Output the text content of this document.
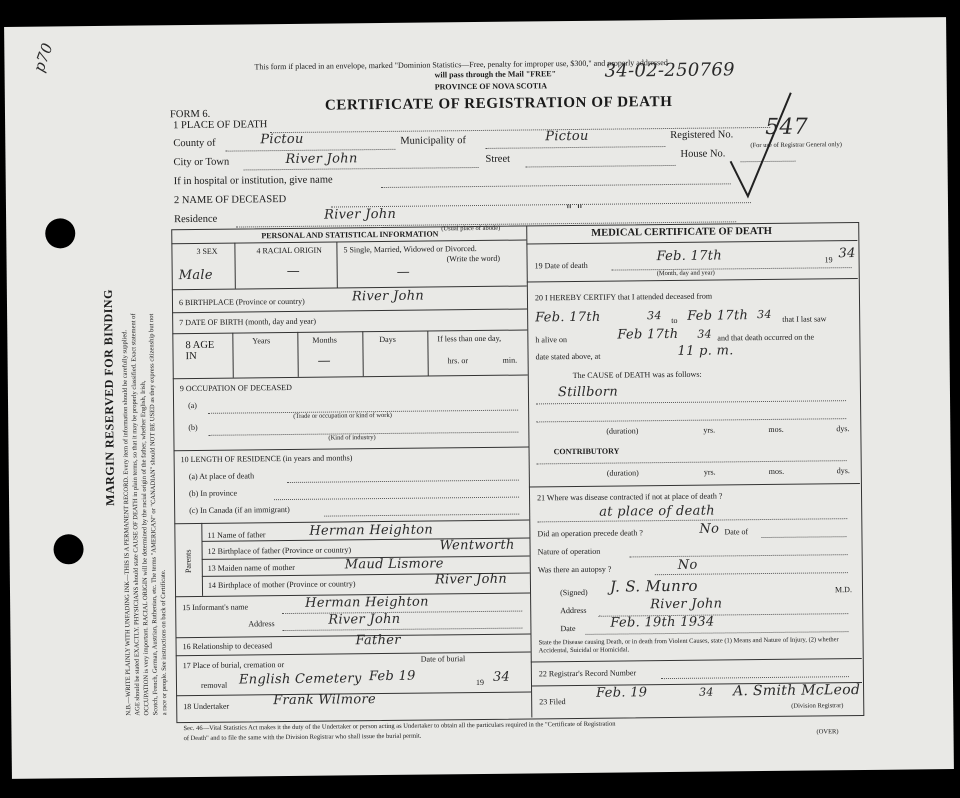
p70
MARGIN RESERVED FOR BINDING N.B.—WRITE PLAINLY WITH UNFADING INK—THIS IS A PERMANENT RECORD. Every item of information should be carefully supplied.
AGE should be stated EXACTLY. PHYSICIANS should state CAUSE OF DEATH in plain terms, so that it may be properly classified. Exact statement of
OCCUPATION is very important. RACIAL ORIGIN will be determined by the racial origin of the father, whether English, Irish,
Scotch, French, German, Austrian, Ruthenian, etc. The terms "AMERICAN" or "CANADIAN" should NOT BE USED as they express citizenship but not a race or people. See instructions on back of Certificate.
This form if placed in an envelope, marked "Dominion Statistics—Free, penalty for improper use, $300," and properly addressed
will pass through the Mail "FREE"	34-02-250769
PROVINCE OF NOVA SCOTIA
FORM 6.
CERTIFICATE OF REGISTRATION OF DEATH
1 PLACE OF DEATH
County of	Pictou	Municipality of	Pictou	Registered No. 547
(For use of Registrar General only)
City or Town	River John	Street	House No.
If in hospital or institution, give name
2 NAME OF DECEASED
Residence	River John	" "
(Usual place of abode)
PERSONAL AND STATISTICAL INFORMATION
3 SEX
Male
4 RACIAL ORIGIN
—
5 Single, Married, Widowed or Divorced.
(Write the word)
—
6 BIRTHPLACE (Province or country)	River John
7 DATE OF BIRTH (month, day and year)
8 AGE IN
Years	Months
—
Days	If less than one day,
hrs. or	min.
9 OCCUPATION OF DECEASED
(a)
(Trade or occupation or kind of work)
(b)
(Kind of industry)
10 LENGTH OF RESIDENCE (in years and months)
(a) At place of death
(b) In province
(c) In Canada (if an immigrant)
Parents
11 Name of father	Herman Heighton
12 Birthplace of father (Province or country)	Wentworth
13 Maiden name of mother	Maud Lismore
14 Birthplace of mother (Province or country)	River John
15 Informant's name	Herman Heighton
Address	River John
16 Relationship to deceased	Father
17 Place of burial, cremation or
Date of burial
removal English Cemetery Feb 19	19 34
18 Undertaker	Frank Wilmore
MEDICAL CERTIFICATE OF DEATH
19 Date of death
Feb. 17th	19 34
(Month, day and year)
20 I HEREBY CERTIFY that I attended deceased from
Feb. 17th	34 to Feb 17th 34 that I last saw
h alive on	Feb 17th 34 and that death occurred on the
date stated above, at	11 p. m.
The CAUSE of DEATH was as follows:
Stillborn
(duration)	yrs.	mos.	dys.
CONTRIBUTORY
(duration)	yrs.	mos.	dys.
21 Where was disease contracted if not at place of death ?
at place of death
Did an operation precede death ?	No Date of
Nature of operation
Was there an autopsy ?	No
(Signed) J. S. Munro	M.D.
Address	River John
Date	Feb. 19th 1934
State the Disease causing Death, or in death from Violent Causes, state (1) Means and Nature of Injury, (2) whether Accidental, Suicidal or Homicidal.
22 Registrar's Record Number
23 Filed
Feb. 19	34 A. Smith McLeod
(Division Registrar)
Sec. 46—Vital Statistics Act makes it the duty of the Undertaker or person acting as Undertaker to obtain all the particulars required in the "Certificate of Registration
of Death" and to file the same with the Division Registrar who shall issue the burial permit.
(OVER)
